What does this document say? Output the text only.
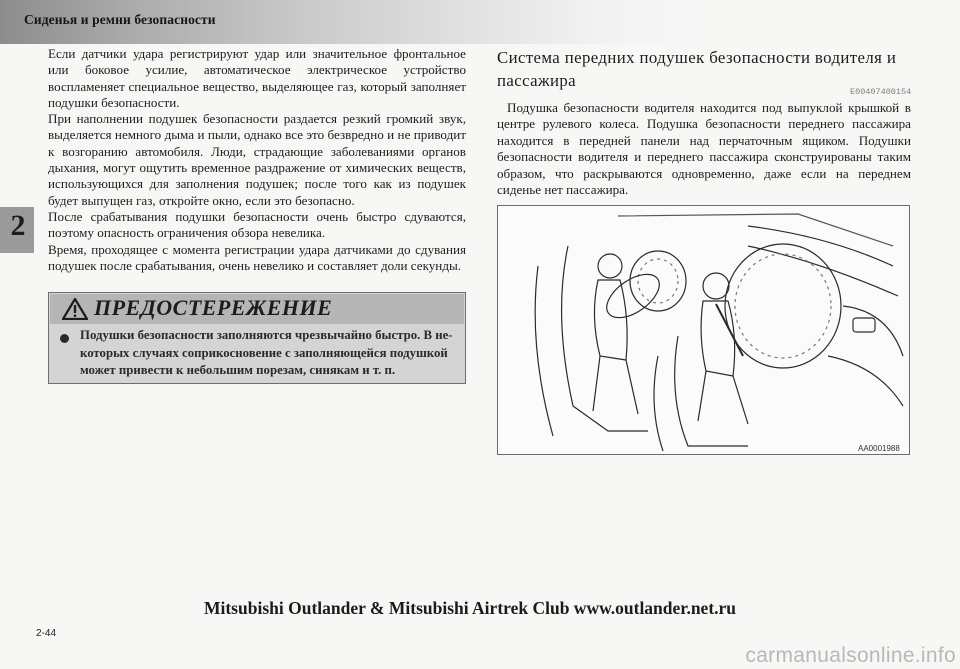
Сиденья и ремни безопасности
2

Если датчики удара регистрируют удар или значительное фронтальное или боковое усилие, автоматическое электрическое устройство воспламеняет специальное вещество, выделяющее газ, который заполняет подушки безопасности.

При наполнении подушек безопасности раздается резкий громкий звук, выделяется немного дыма и пыли, однако все это безвредно и не приводит к возгоранию автомобиля. Люди, страдающие заболеваниями органов дыхания, могут ощутить временное раздражение от химических веществ, использующихся для заполнения подушек; после того как из подушек будет выпущен газ, откройте окно, если это безопасно.

После срабатывания подушки безопасности очень быстро сдуваются, поэтому опасность ограничения обзора невелика.

Время, проходящее с момента регистрации удара датчиками до сдувания подушек после срабатывания, очень невелико и составляет доли секунды.

ПРЕДОСТЕРЕЖЕНИЕ
Подушки безопасности заполняются чрезвычайно быстро. В некоторых случаях соприкосновение с заполняющейся подушкой может привести к небольшим порезам, синякам и т. п.
Система передних подушек безопасности водителя и пассажира
E00407400154

Подушка безопасности водителя находится под выпуклой крышкой в центре рулевого колеса. Подушка безопасности переднего пассажира находится в передней панели над перчаточным ящиком. Подушки безопасности водителя и переднего пассажира сконструированы таким образом, что раскрываются одновременно, даже если на переднем сиденье нет пассажира.

AA0001988
Mitsubishi Outlander & Mitsubishi Airtrek Club www.outlander.net.ru
2-44
carmanualsonline.info
